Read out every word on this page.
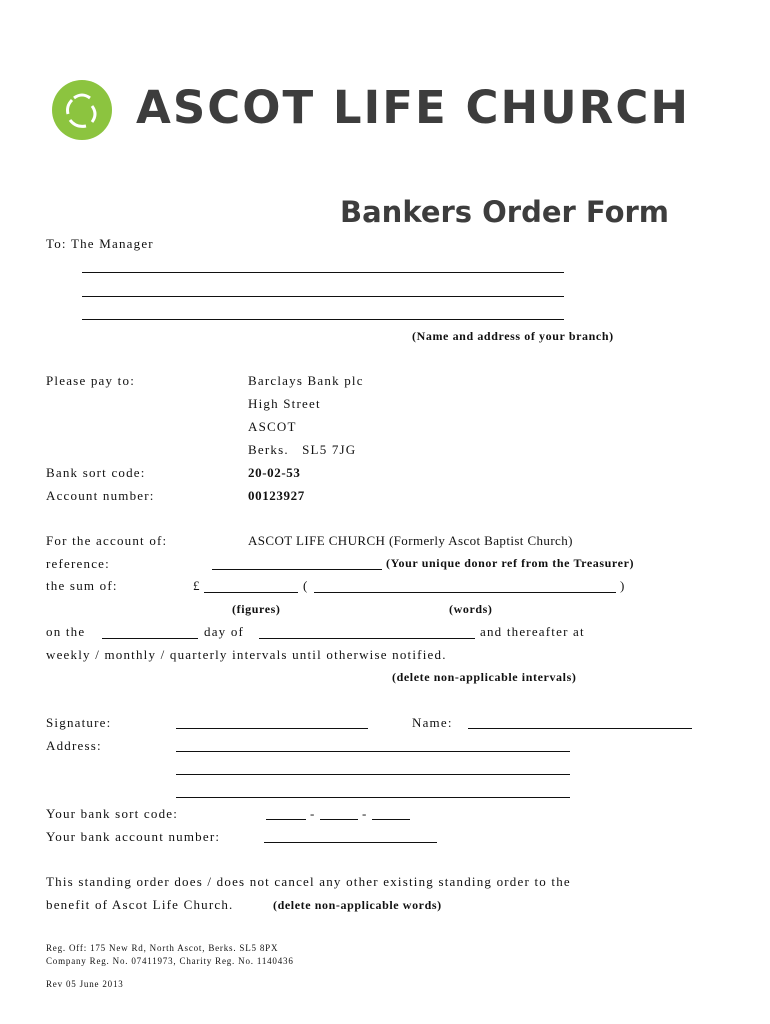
ASCOT LIFE CHURCH
Bankers Order Form
To: The Manager
(Name and address of your branch)
Please pay to:	Barclays Bank plc
High Street
ASCOT
Berks.   SL5 7JG
Bank sort code:	20-02-53
Account number:	00123927
For the account of:	ASCOT LIFE CHURCH (Formerly Ascot Baptist Church)
reference:	(Your unique donor ref from the Treasurer)
the sum of:	£	(	)
(figures)	(words)
on the	day of	and thereafter at
weekly / monthly / quarterly intervals until otherwise notified.
(delete non-applicable intervals)
Signature:	Name:
Address:
Your bank sort code:	-	-
Your bank account number:
This standing order does / does not cancel any other existing standing order to the
benefit of Ascot Life Church.	(delete non-applicable words)
Reg. Off: 175 New Rd, North Ascot, Berks. SL5 8PX
Company Reg. No. 07411973, Charity Reg. No. 1140436
Rev 05 June 2013
